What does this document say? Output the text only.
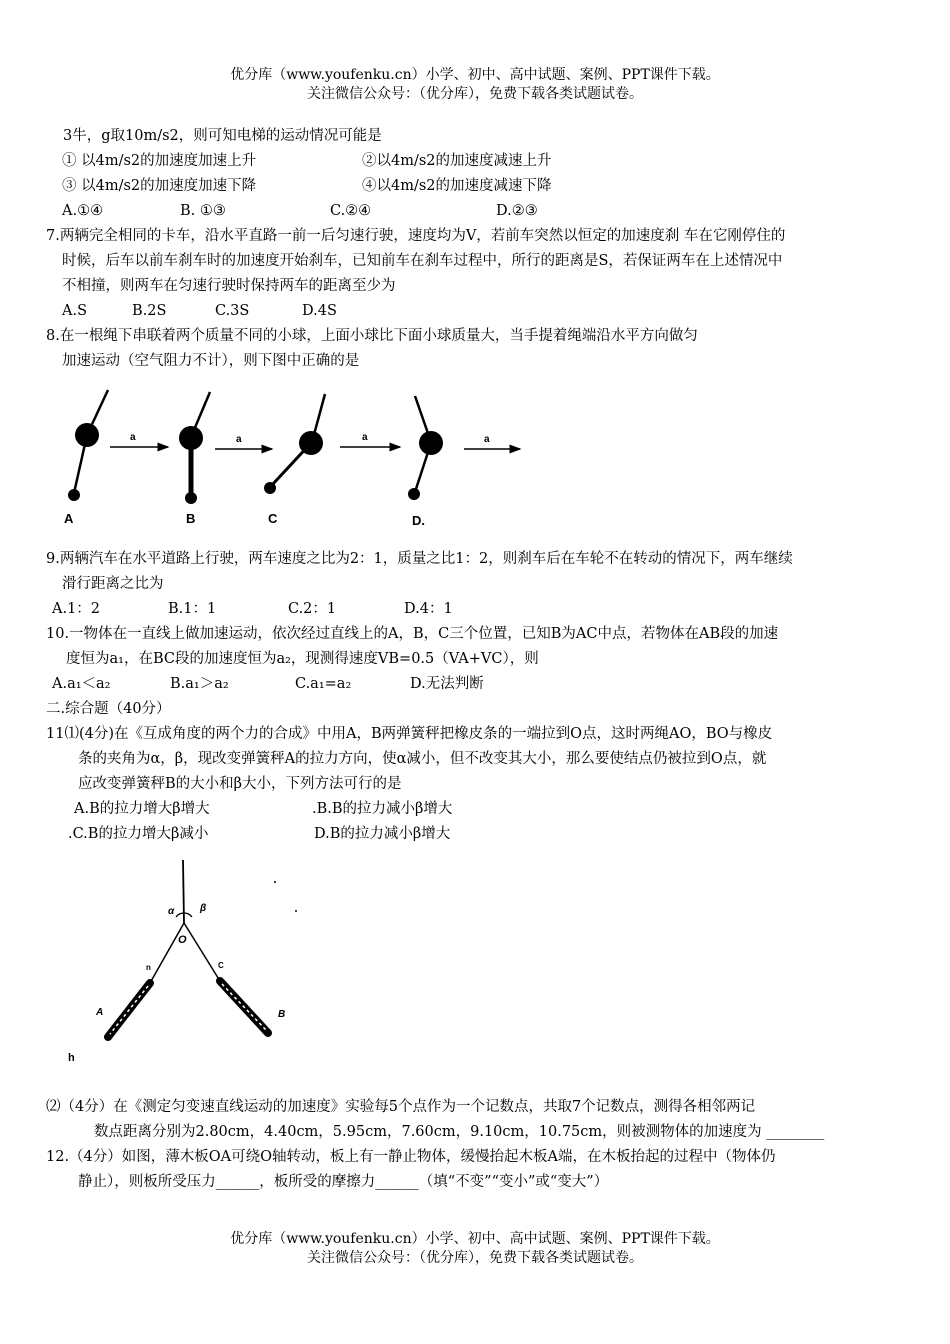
优分库（www.youfenku.cn）小学、初中、高中试题、案例、PPT课件下载。
关注微信公众号：（优分库），免费下载各类试题试卷。
3牛，g取10m/s2，则可知电梯的运动情况可能是
① 以4m/s2的加速度加速上升	②以4m/s2的加速度减速上升
③ 以4m/s2的加速度加速下降	④以4m/s2的加速度减速下降
A.①④	B. ①③	C.②④	D.②③
7.两辆完全相同的卡车，沿水平直路一前一后匀速行驶，速度均为V，若前车突然以恒定的加速度刹 车在它刚停住的
时候，后车以前车刹车时的加速度开始刹车，已知前车在刹车过程中，所行的距离是S，若保证两车在上述情况中
不相撞，则两车在匀速行驶时保持两车的距离至少为
A.S	B.2S	C.3S	D.4S
8.在一根绳下串联着两个质量不同的小球，上面小球比下面小球质量大，当手提着绳端沿水平方向做匀
加速运动（空气阻力不计），则下图中正确的是
A
a
B
a
C
a
D.
a
9.两辆汽车在水平道路上行驶，两车速度之比为2：1，质量之比1：2，则刹车后在车轮不在转动的情况下，两车继续
滑行距离之比为
A.1：2	B.1：1	C.2：1	D.4：1
10.一物体在一直线上做加速运动，依次经过直线上的A，B，C三个位置，已知B为AC中点，若物体在AB段的加速
度恒为a₁，在BC段的加速度恒为a₂，现测得速度VB=0.5（VA+VC），则
A.a₁＜a₂	B.a₁＞a₂	C.a₁=a₂	D.无法判断
二.综合题（40分）
11⑴(4分)在《互成角度的两个力的合成》中用A，B两弹簧秤把橡皮条的一端拉到O点，这时两绳AO，BO与橡皮
条的夹角为α，β，现改变弹簧秤A的拉力方向，使α减小，但不改变其大小，那么要使结点仍被拉到O点，就
应改变弹簧秤B的大小和β大小，下列方法可行的是
A.B的拉力增大β增大	.B.B的拉力减小β增大
.C.B的拉力增大β减小	D.B的拉力减小β增大
α	β
O
n	C
A	B
h
⑵（4分）在《测定匀变速直线运动的加速度》实验每5个点作为一个记数点，共取7个记数点，测得各相邻两记
数点距离分别为2.80cm，4.40cm，5.95cm，7.60cm，9.10cm，10.75cm，则被测物体的加速度为 ________
12.（4分）如图，薄木板OA可绕O轴转动，板上有一静止物体，缓慢抬起木板A端，在木板抬起的过程中（物体仍
静止），则板所受压力______，板所受的摩擦力______（填“不变”“变小”或“变大”）
优分库（www.youfenku.cn）小学、初中、高中试题、案例、PPT课件下载。
关注微信公众号：（优分库），免费下载各类试题试卷。
